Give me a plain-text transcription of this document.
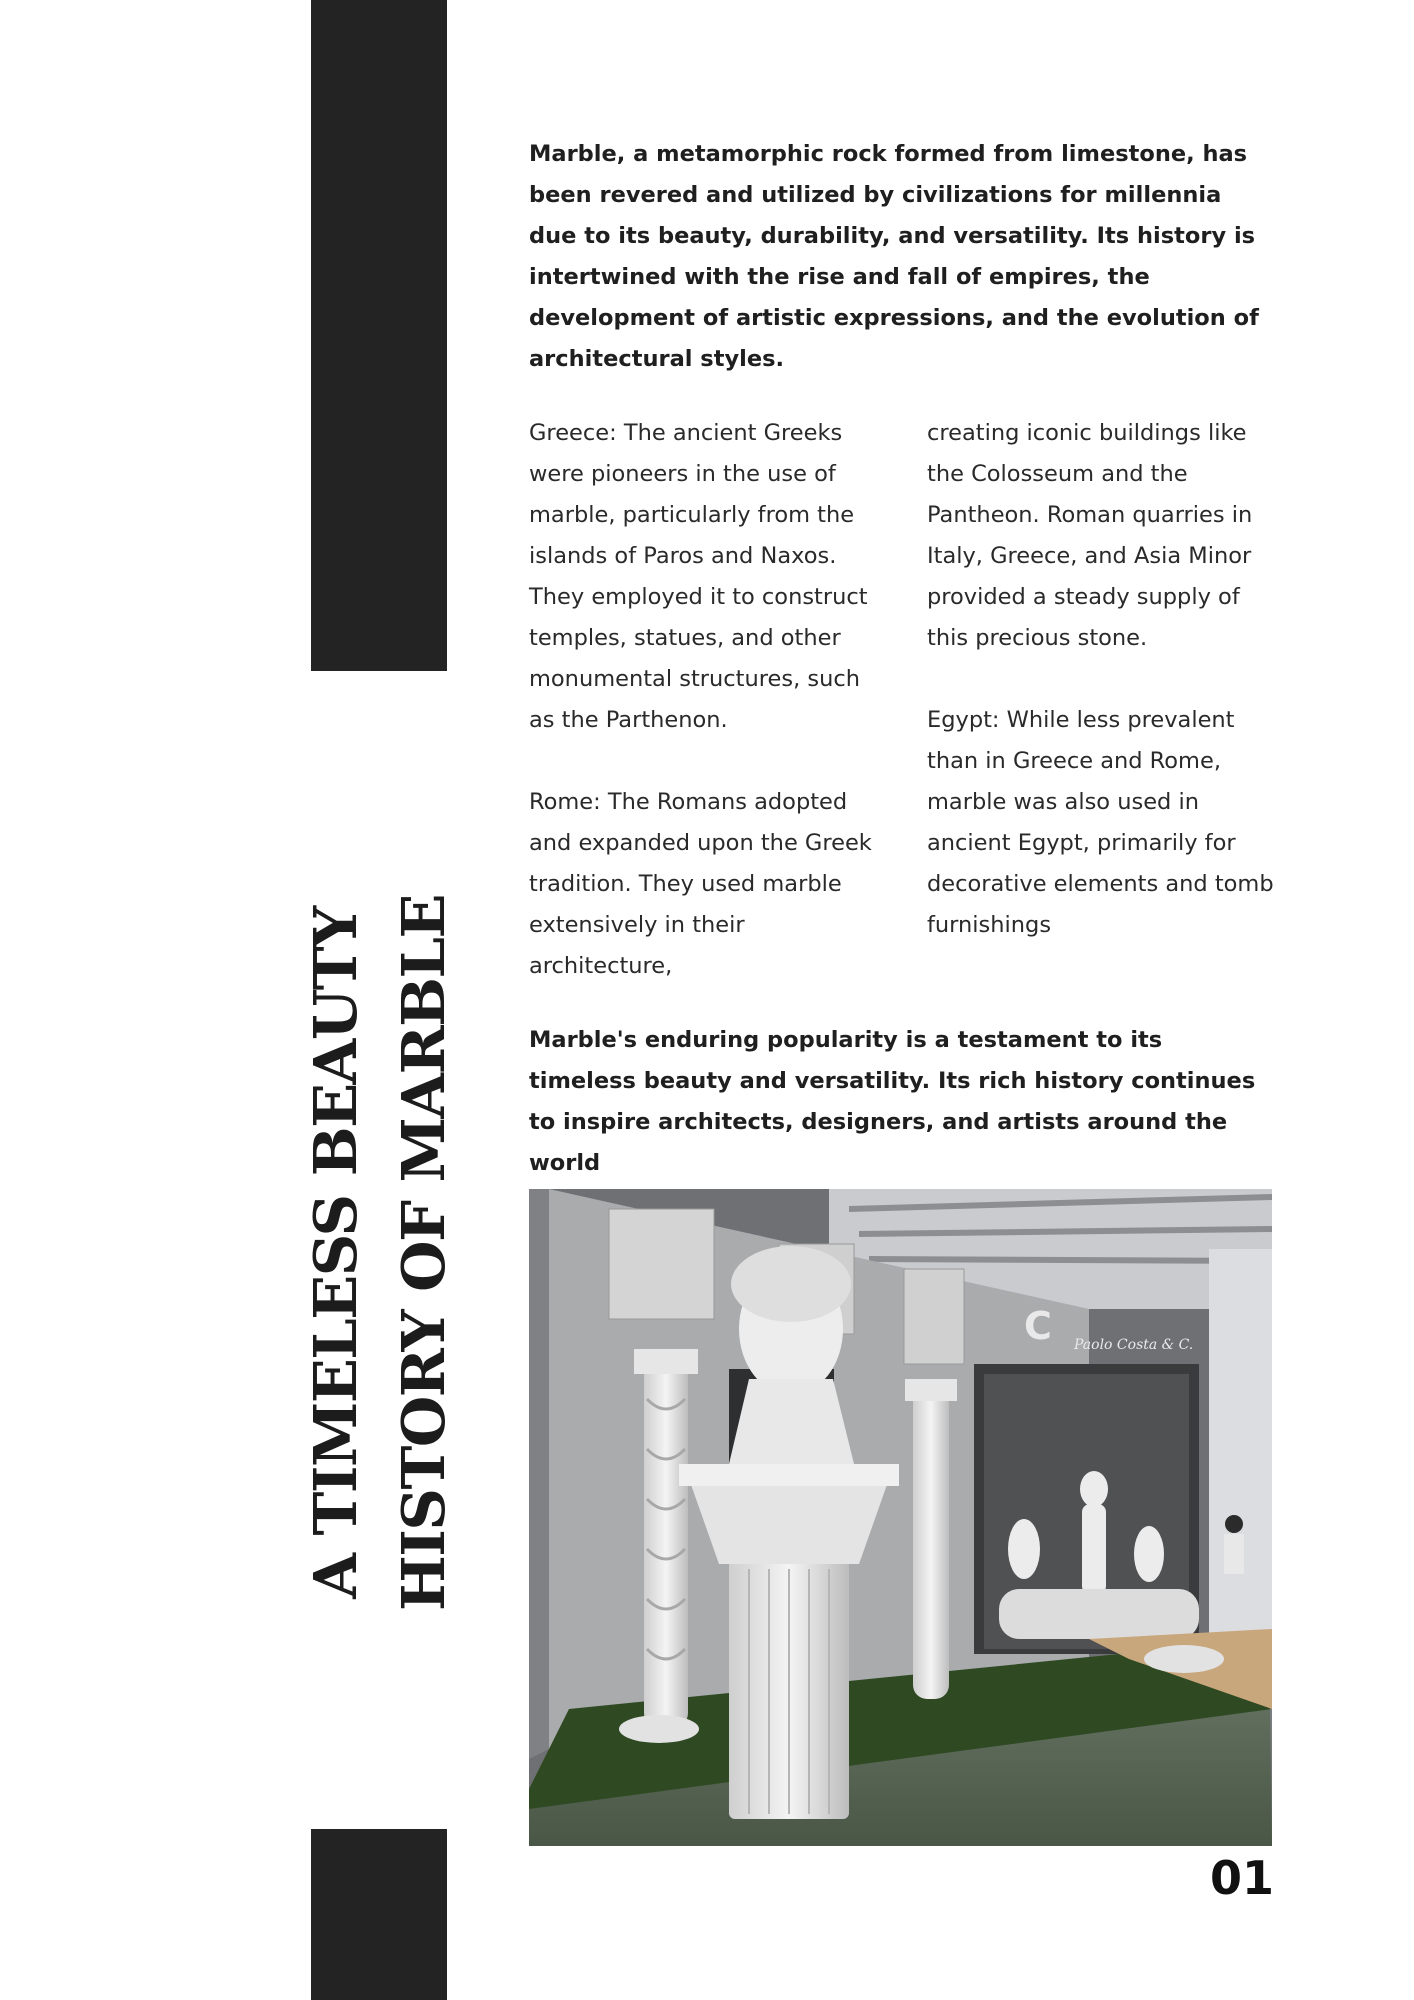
A TIMELESS BEAUTY HISTORY OF MARBLE
Marble, a metamorphic rock formed from limestone, has been revered and utilized by civilizations for millennia due to its beauty, durability, and versatility. Its history is intertwined with the rise and fall of empires, the development of artistic expressions, and the evolution of architectural styles.

Greece: The ancient Greeks were pioneers in the use of marble, particularly from the islands of Paros and Naxos. They employed it to construct temples, statues, and other monumental structures, such as the Parthenon.

Rome: The Romans adopted and expanded upon the Greek tradition. They used marble extensively in their architecture,

creating iconic buildings like the Colosseum and the Pantheon. Roman quarries in Italy, Greece, and Asia Minor provided a steady supply of this precious stone.

Egypt: While less prevalent than in Greece and Rome, marble was also used in ancient Egypt, primarily for decorative elements and tomb furnishings

Marble's enduring popularity is a testament to its timeless beauty and versatility. Its rich history continues to inspire architects, designers, and artists around the world
C Paolo Costa & C.
01
